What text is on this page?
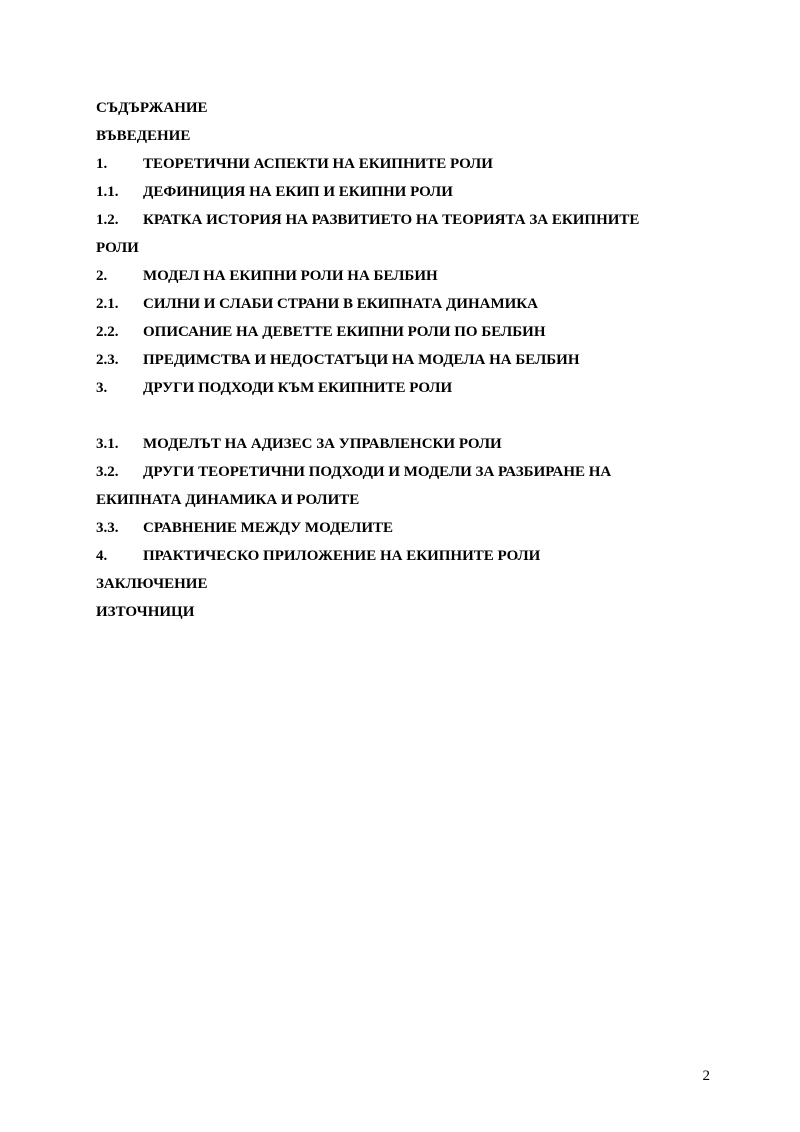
СЪДЪРЖАНИЕ
ВЪВЕДЕНИЕ
1.	ТЕОРЕТИЧНИ АСПЕКТИ НА ЕКИПНИТЕ РОЛИ
1.1.	ДЕФИНИЦИЯ НА ЕКИП И ЕКИПНИ РОЛИ
1.2.	КРАТКА ИСТОРИЯ НА РАЗВИТИЕТО НА ТЕОРИЯТА ЗА ЕКИПНИТЕ
РОЛИ
2.	МОДЕЛ НА ЕКИПНИ РОЛИ НА БЕЛБИН
2.1.	СИЛНИ И СЛАБИ СТРАНИ В ЕКИПНАТА ДИНАМИКА
2.2.	ОПИСАНИЕ НА ДЕВЕТТЕ ЕКИПНИ РОЛИ ПО БЕЛБИН
2.3.	ПРЕДИМСТВА И НЕДОСТАТЪЦИ НА МОДЕЛА НА БЕЛБИН
3.	ДРУГИ ПОДХОДИ КЪМ ЕКИПНИТЕ РОЛИ
3.1.	МОДЕЛЪТ НА АДИЗЕС ЗА УПРАВЛЕНСКИ РОЛИ
3.2.	ДРУГИ ТЕОРЕТИЧНИ ПОДХОДИ И МОДЕЛИ ЗА РАЗБИРАНЕ НА
ЕКИПНАТА ДИНАМИКА И РОЛИТЕ
3.3.	СРАВНЕНИЕ МЕЖДУ МОДЕЛИТЕ
4.	ПРАКТИЧЕСКО ПРИЛОЖЕНИЕ НА ЕКИПНИТЕ РОЛИ
ЗАКЛЮЧЕНИЕ
ИЗТОЧНИЦИ
2
